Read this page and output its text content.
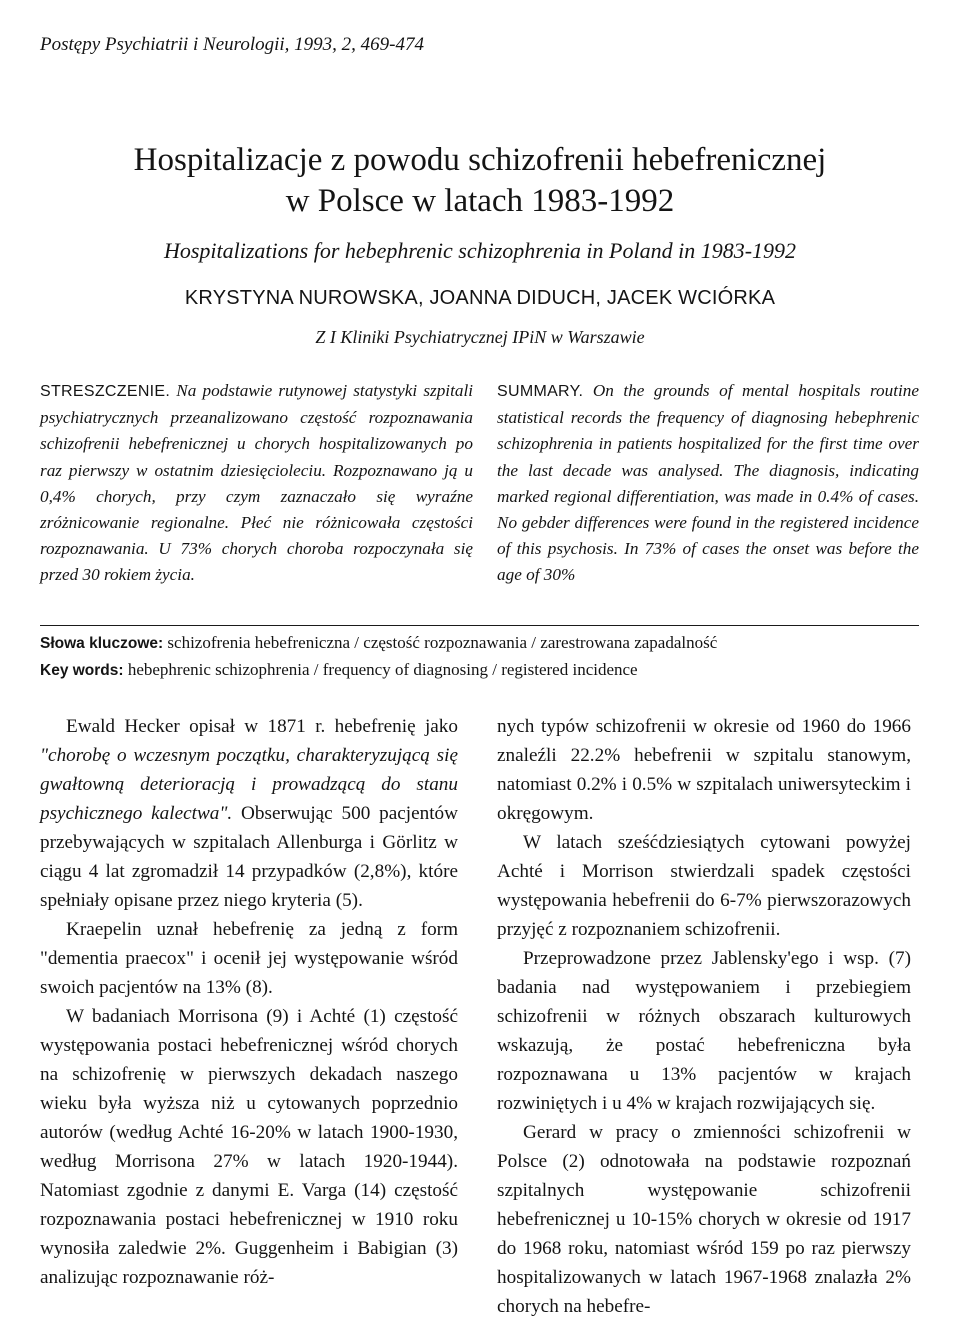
Postępy Psychiatrii i Neurologii, 1993, 2, 469-474
Hospitalizacje z powodu schizofrenii hebefrenicznej
w Polsce w latach 1983-1992
Hospitalizations for hebephrenic schizophrenia in Poland in 1983-1992
KRYSTYNA NUROWSKA, JOANNA DIDUCH, JACEK WCIÓRKA
Z I Kliniki Psychiatrycznej IPiN w Warszawie
STRESZCZENIE. Na podstawie rutynowej statystyki szpitali psychiatrycznych przeanalizowano częstość rozpoznawania schizofrenii hebefrenicznej u chorych hospitalizowanych po raz pierwszy w ostatnim dziesięcioleciu. Rozpoznawano ją u 0,4% chorych, przy czym zaznaczało się wyraźne zróżnicowanie regionalne. Płeć nie różnicowała częstości rozpoznawania. U 73% chorych choroba rozpoczynała się przed 30 rokiem życia.
SUMMARY. On the grounds of mental hospitals routine statistical records the frequency of diagnosing hebephrenic schizophrenia in patients hospitalized for the first time over the last decade was analysed. The diagnosis, indicating marked regional differentiation, was made in 0.4% of cases. No gebder differences were found in the registered incidence of this psychosis. In 73% of cases the onset was before the age of 30%
Słowa kluczowe: schizofrenia hebefreniczna / częstość rozpoznawania / zarestrowana zapadalność
Key words: hebephrenic schizophrenia / frequency of diagnosing / registered incidence

Ewald Hecker opisał w 1871 r. hebefrenię jako "chorobę o wczesnym początku, charakteryzującą się gwałtowną deterioracją i prowadzącą do stanu psychicznego kalectwa". Obserwując 500 pacjentów przebywających w szpitalach Allenburga i Görlitz w ciągu 4 lat zgromadził 14 przypadków (2,8%), które spełniały opisane przez niego kryteria (5).

Kraepelin uznał hebefrenię za jedną z form "dementia praecox" i ocenił jej występowanie wśród swoich pacjentów na 13% (8).

W badaniach Morrisona (9) i Achté (1) częstość występowania postaci hebefrenicznej wśród chorych na schizofrenię w pierwszych dekadach naszego wieku była wyższa niż u cytowanych poprzednio autorów (według Achté 16-20% w latach 1900-1930, według Morrisona 27% w latach 1920-1944). Natomiast zgodnie z danymi E. Varga (14) częstość rozpoznawania postaci hebefrenicznej w 1910 roku wynosiła zaledwie 2%. Guggenheim i Babigian (3) analizując rozpoznawanie róż-

nych typów schizofrenii w okresie od 1960 do 1966 znaleźli 22.2% hebefrenii w szpitalu stanowym, natomiast 0.2% i 0.5% w szpitalach uniwersyteckim i okręgowym.

W latach sześćdziesiątych cytowani powyżej Achté i Morrison stwierdzali spadek częstości występowania hebefrenii do 6-7% pierwszorazowych przyjęć z rozpoznaniem schizofrenii.

Przeprowadzone przez Jablensky'ego i wsp. (7) badania nad występowaniem i przebiegiem schizofrenii w różnych obszarach kulturowych wskazują, że postać hebefreniczna była rozpoznawana u 13% pacjentów w krajach rozwiniętych i u 4% w krajach rozwijających się.

Gerard w pracy o zmienności schizofrenii w Polsce (2) odnotowała na podstawie rozpoznań szpitalnych występowanie schizofrenii hebefrenicznej u 10-15% chorych w okresie od 1917 do 1968 roku, natomiast wśród 159 po raz pierwszy hospitalizowanych w latach 1967-1968 znalazła 2% chorych na hebefre-
